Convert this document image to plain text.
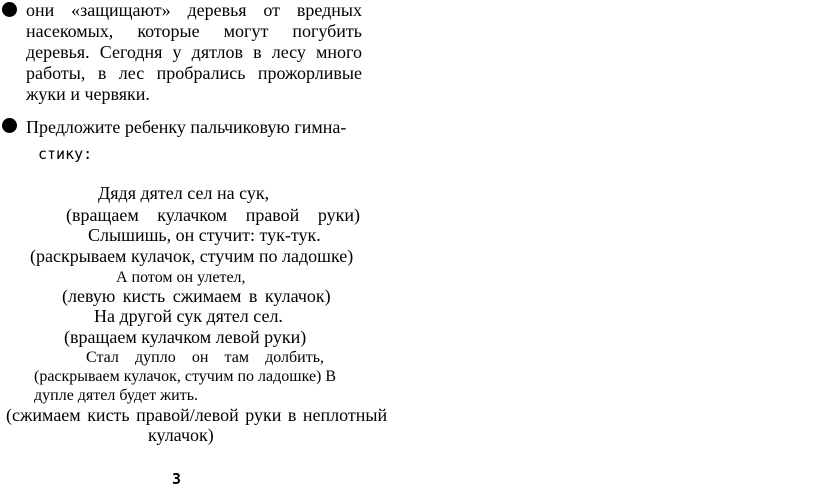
они «защищают» деревья от вредных
насекомых, которые могут погубить
деревья. Сегодня у дятлов в лесу много
работы, в лес пробрались прожорливые
жуки и червяки.
Предложите ребенку пальчиковую гимна-
стику:
Дядя дятел сел на сук,
(вращаем кулачком правой руки)
Слышишь, он стучит: тук-тук.
(раскрываем кулачок, стучим по ладошке)
А потом он улетел,
(левую кисть сжимаем в кулачок)
На другой сук дятел сел.
(вращаем кулачком левой руки)
Стал дупло он там долбить,
(раскрываем кулачок, стучим по ладошке) В
дупле дятел будет жить.
(сжимаем кисть правой/левой руки в неплотный
кулачок)
3
